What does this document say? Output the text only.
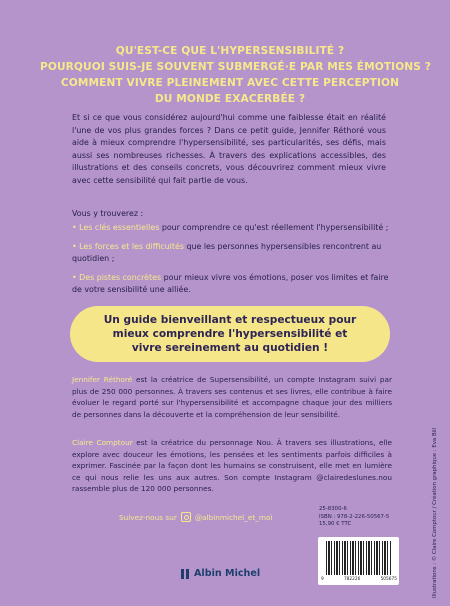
QU'EST-CE QUE L'HYPERSENSIBILITÉ ?
POURQUOI SUIS-JE SOUVENT SUBMERGÉ·E PAR MES ÉMOTIONS ?
COMMENT VIVRE PLEINEMENT AVEC CETTE PERCEPTION
DU MONDE EXACERBÉE ?
Et si ce que vous considérez aujourd'hui comme une faiblesse était en réalité l'une de vos plus grandes forces ? Dans ce petit guide, Jennifer Réthoré vous aide à mieux comprendre l'hypersensibilité, ses particularités, ses défis, mais aussi ses nombreuses richesses. À travers des explications accessibles, des illustrations et des conseils concrets, vous découvrirez comment mieux vivre avec cette sensibilité qui fait partie de vous.
Vous y trouverez :
• Les clés essentielles pour comprendre ce qu'est réellement l'hypersensibilité ;
• Les forces et les difficultés que les personnes hypersensibles rencontrent au quotidien ;
• Des pistes concrètes pour mieux vivre vos émotions, poser vos limites et faire de votre sensibilité une alliée.
Un guide bienveillant et respectueux pour mieux comprendre l'hypersensibilité et vivre sereinement au quotidien !
Jennifer Réthoré est la créatrice de Supersensibilité, un compte Instagram suivi par plus de 250 000 personnes. À travers ses contenus et ses livres, elle contribue à faire évoluer le regard porté sur l'hypersensibilité et accompagne chaque jour des milliers de personnes dans la découverte et la compréhension de leur sensibilité.
Claire Comptour est la créatrice du personnage Nou. À travers ses illustrations, elle explore avec douceur les émotions, les pensées et les sentiments parfois difficiles à exprimer. Fascinée par la façon dont les humains se construisent, elle met en lumière ce qui nous relie les uns aux autres. Son compte Instagram @clairedeslunes.nou rassemble plus de 120 000 personnes.
Suivez-nous sur @albinmichel_et_moi
25-8300-6
ISBN : 978-2-226-50567-5
15,90 € TTC
9	782226	505675
Albin Michel	Illustrations : © Claire Comptour / Création graphique : Eva Bill
